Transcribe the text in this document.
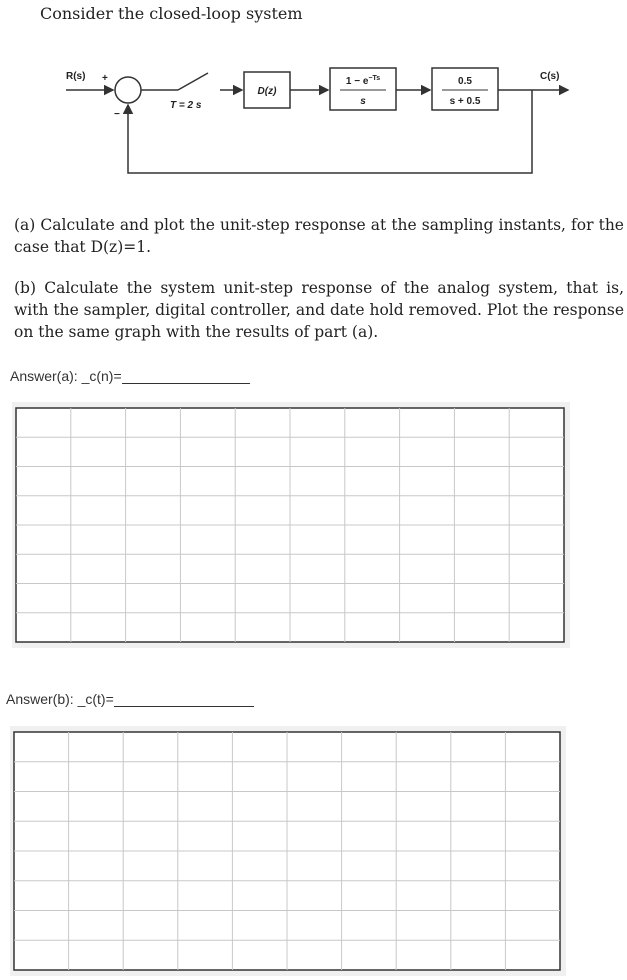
Consider the closed-loop system
R(s) +
−
T = 2 s
D(z)
$1 - e^{-Ts}$
s
0.5
s + 0.5
C(s)
(a) Calculate and plot the unit-step response at the sampling instants, for the case that D(z)=1.
(b) Calculate the system unit-step response of the analog system, that is, with the sampler, digital controller, and date hold removed. Plot the response on the same graph with the results of part (a).
Answer(a): _c(n)=
Answer(b): _c(t)=
